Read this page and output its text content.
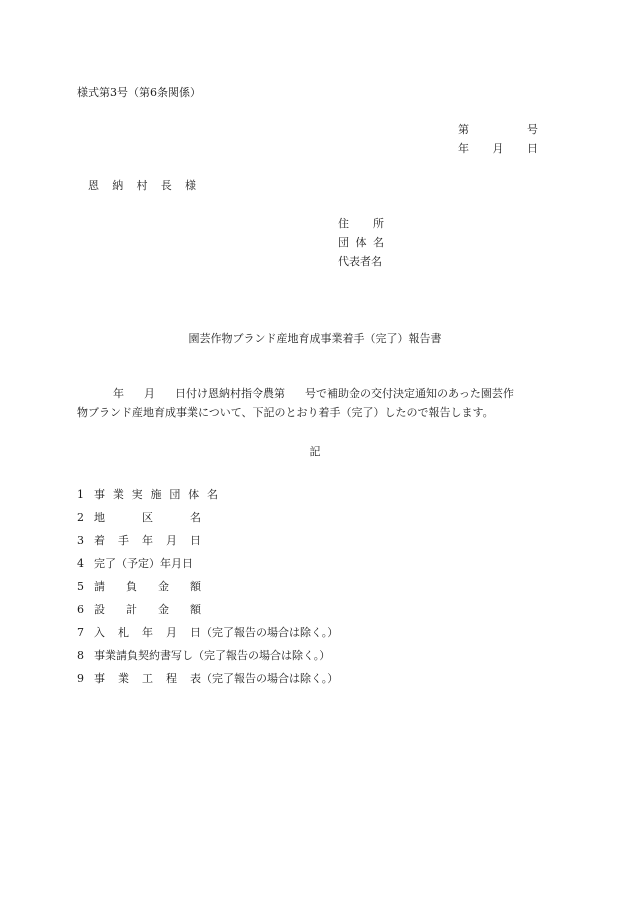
様式第3号（第6条関係）
第	号
年 月 日
恩 納 村 長 様
住 所
団 体 名
代表者名
園芸作物ブランド産地育成事業着手（完了）報告書
年 月 日付け恩納村指令農第 号で補助金の交付決定通知のあった園芸作
物ブランド産地育成事業について、下記のとおり着手（完了）したので報告します。
記
1 事 業 実 施 団 体 名
2 地	区	名
3 着 手 年 月 日
4 完了（予定）年月日
5 請 負 金 額
6 設 計 金 額
7 入 札 年 月 日 （完了報告の場合は除く。）
8 事業請負契約書写し （完了報告の場合は除く。）
9 事 業 工 程 表 （完了報告の場合は除く。）
